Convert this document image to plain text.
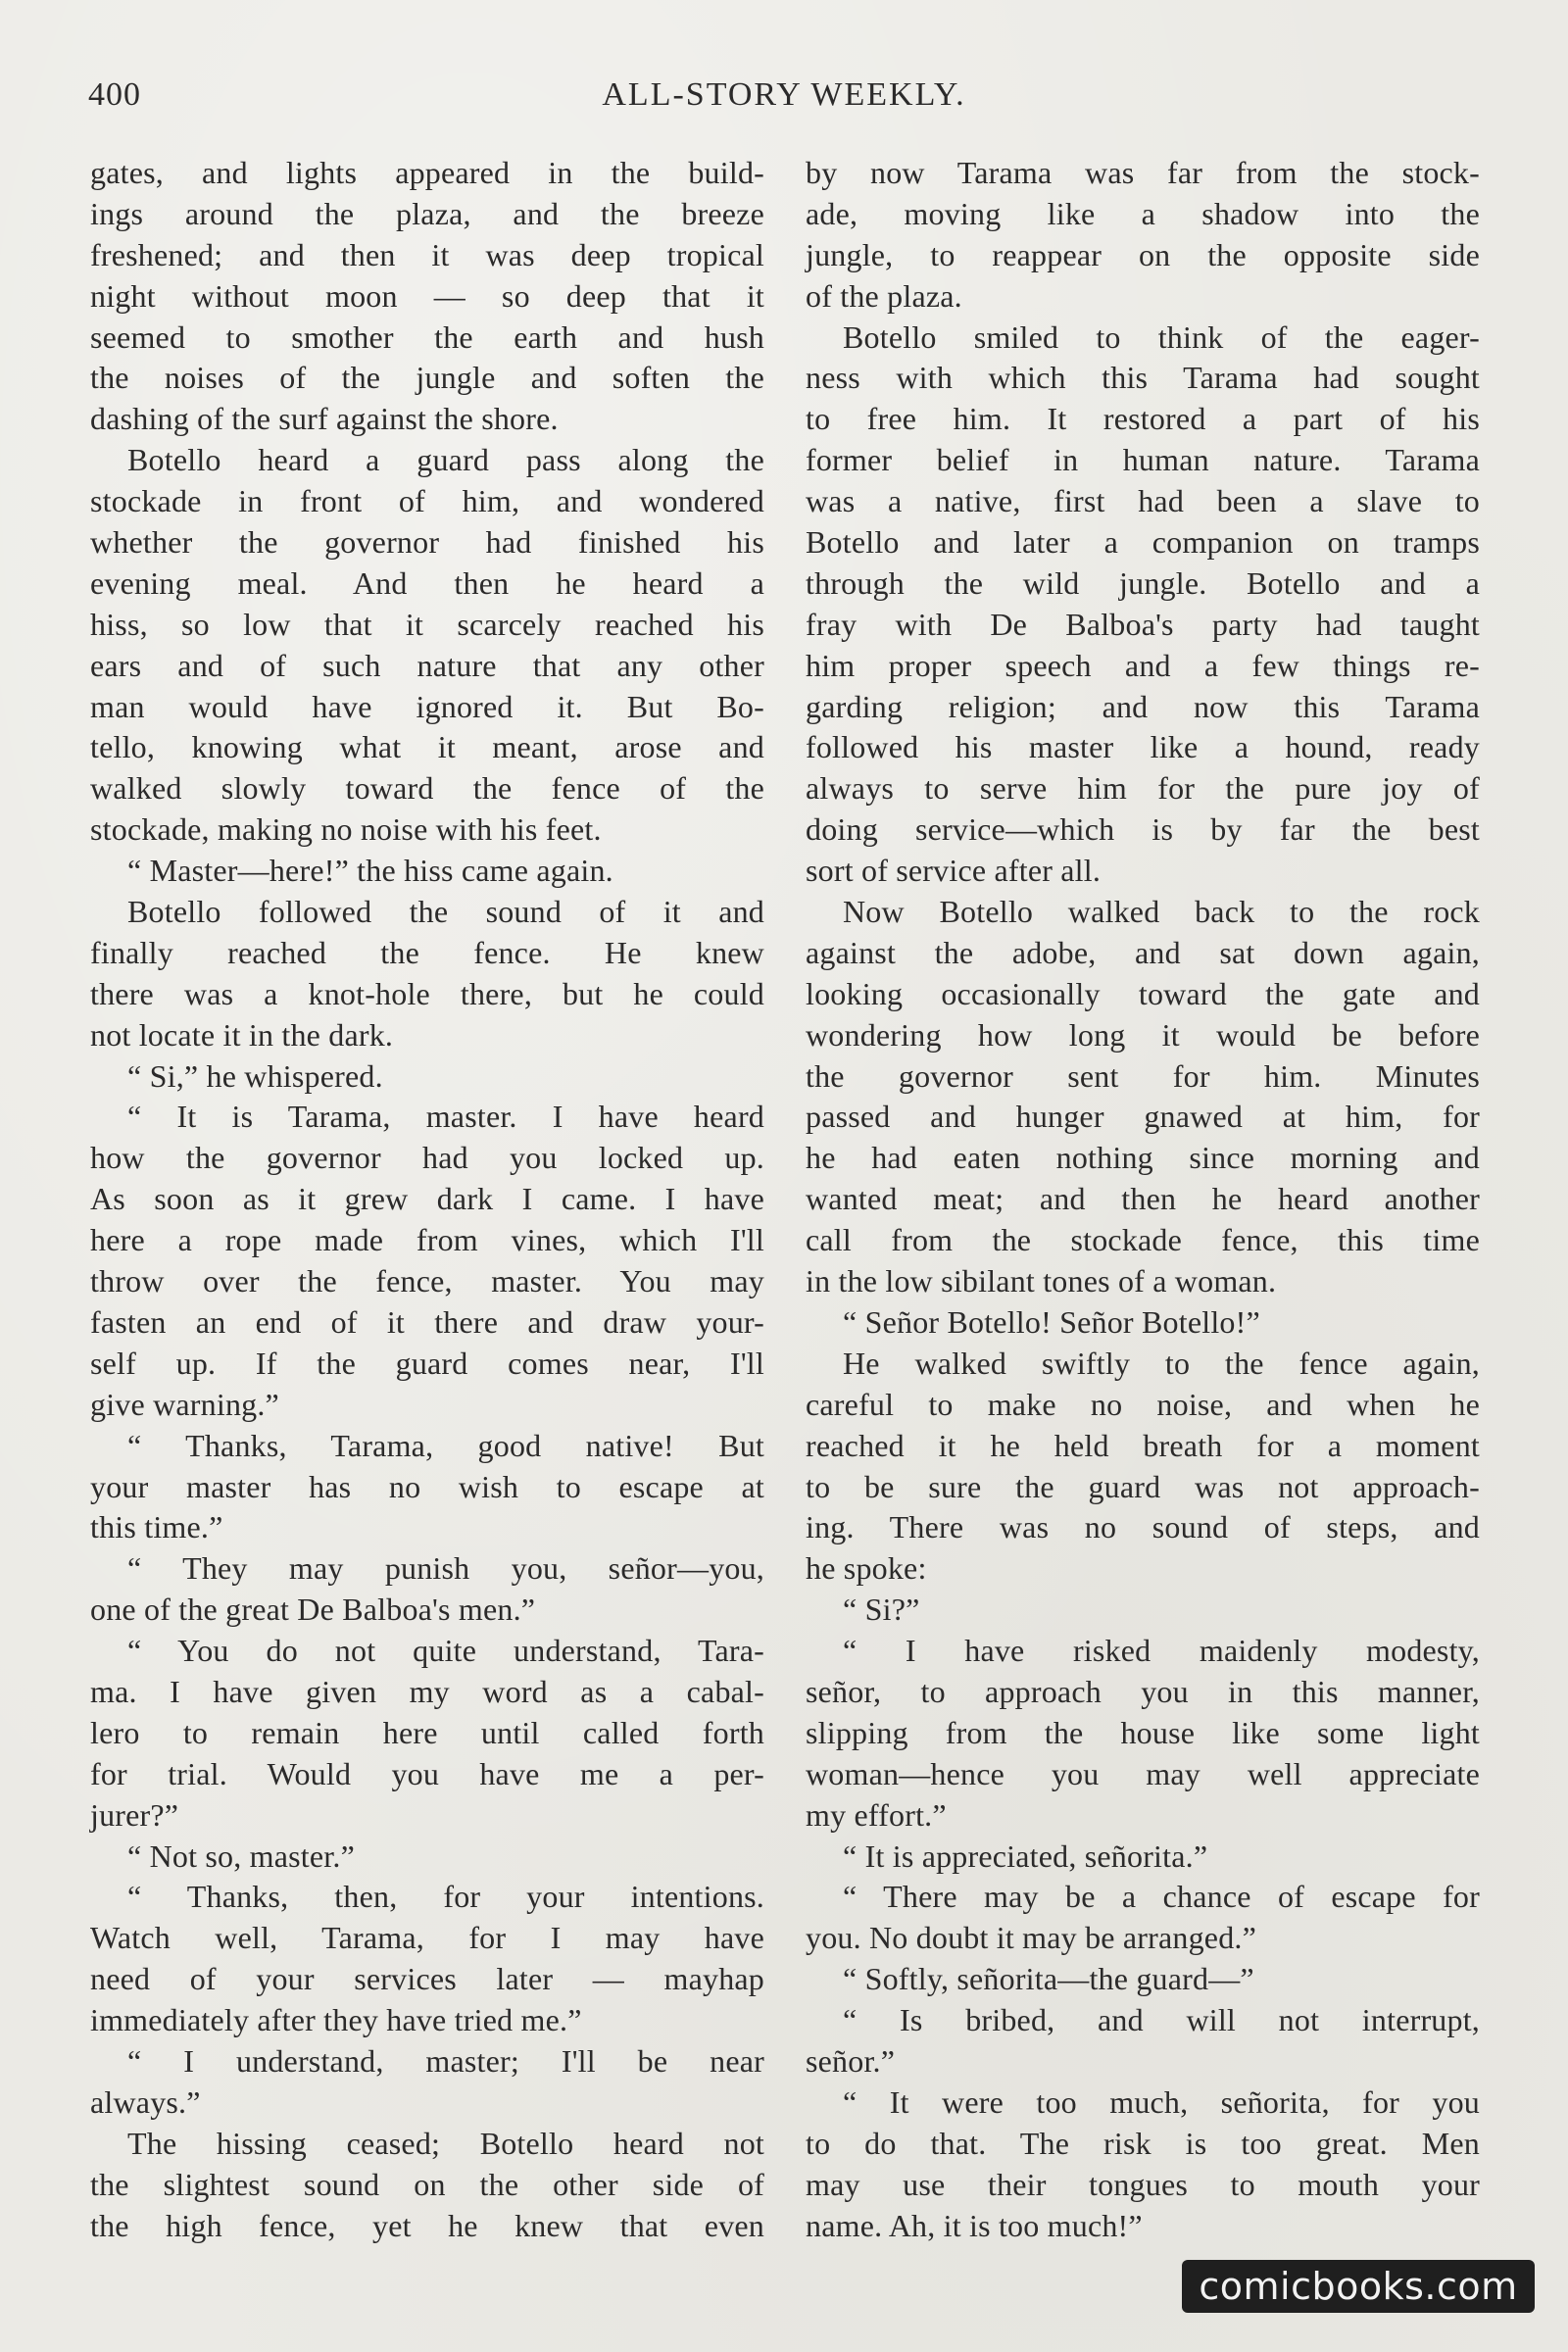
400	ALL-STORY WEEKLY.
gates, and lights appeared in the build-
ings around the plaza, and the breeze
freshened; and then it was deep tropical
night without moon — so deep that it
seemed to smother the earth and hush
the noises of the jungle and soften the
dashing of the surf against the shore.
Botello heard a guard pass along the
stockade in front of him, and wondered
whether the governor had finished his
evening meal. And then he heard a
hiss, so low that it scarcely reached his
ears and of such nature that any other
man would have ignored it. But Bo-
tello, knowing what it meant, arose and
walked slowly toward the fence of the
stockade, making no noise with his feet.
“ Master—here!” the hiss came again.
Botello followed the sound of it and
finally reached the fence. He knew
there was a knot-hole there, but he could
not locate it in the dark.
“ Si,” he whispered.
“ It is Tarama, master. I have heard
how the governor had you locked up.
As soon as it grew dark I came. I have
here a rope made from vines, which I'll
throw over the fence, master. You may
fasten an end of it there and draw your-
self up. If the guard comes near, I'll
give warning.”
“ Thanks, Tarama, good native! But
your master has no wish to escape at
this time.”
“ They may punish you, señor—you,
one of the great De Balboa's men.”
“ You do not quite understand, Tara-
ma. I have given my word as a cabal-
lero to remain here until called forth
for trial. Would you have me a per-
jurer?”
“ Not so, master.”
“ Thanks, then, for your intentions.
Watch well, Tarama, for I may have
need of your services later — mayhap
immediately after they have tried me.”
“ I understand, master; I'll be near
always.”
The hissing ceased; Botello heard not
the slightest sound on the other side of
the high fence, yet he knew that even
by now Tarama was far from the stock-
ade, moving like a shadow into the
jungle, to reappear on the opposite side
of the plaza.
Botello smiled to think of the eager-
ness with which this Tarama had sought
to free him. It restored a part of his
former belief in human nature. Tarama
was a native, first had been a slave to
Botello and later a companion on tramps
through the wild jungle. Botello and a
fray with De Balboa's party had taught
him proper speech and a few things re-
garding religion; and now this Tarama
followed his master like a hound, ready
always to serve him for the pure joy of
doing service—which is by far the best
sort of service after all.
Now Botello walked back to the rock
against the adobe, and sat down again,
looking occasionally toward the gate and
wondering how long it would be before
the governor sent for him. Minutes
passed and hunger gnawed at him, for
he had eaten nothing since morning and
wanted meat; and then he heard another
call from the stockade fence, this time
in the low sibilant tones of a woman.
“ Señor Botello! Señor Botello!”
He walked swiftly to the fence again,
careful to make no noise, and when he
reached it he held breath for a moment
to be sure the guard was not approach-
ing. There was no sound of steps, and
he spoke:
“ Si?”
“ I have risked maidenly modesty,
señor, to approach you in this manner,
slipping from the house like some light
woman—hence you may well appreciate
my effort.”
“ It is appreciated, señorita.”
“ There may be a chance of escape for
you. No doubt it may be arranged.”
“ Softly, señorita—the guard—”
“ Is bribed, and will not interrupt,
señor.”
“ It were too much, señorita, for you
to do that. The risk is too great. Men
may use their tongues to mouth your
name. Ah, it is too much!”
comicbooks.com
